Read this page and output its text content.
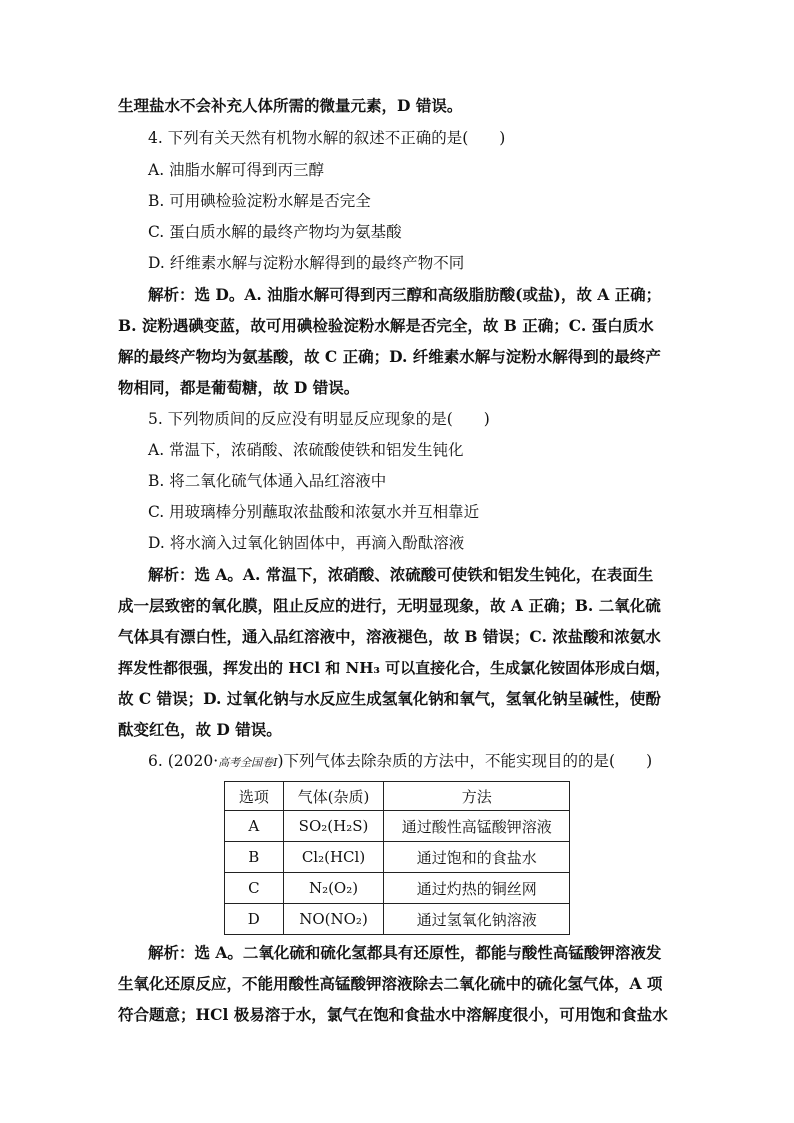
生理盐水不会补充人体所需的微量元素，D 错误。
4. 下列有关天然有机物水解的叙述不正确的是(　　)
A. 油脂水解可得到丙三醇
B. 可用碘检验淀粉水解是否完全
C. 蛋白质水解的最终产物均为氨基酸
D. 纤维素水解与淀粉水解得到的最终产物不同
解析：选 D。A. 油脂水解可得到丙三醇和高级脂肪酸(或盐)，故 A 正确；
B. 淀粉遇碘变蓝，故可用碘检验淀粉水解是否完全，故 B 正确；C. 蛋白质水
解的最终产物均为氨基酸，故 C 正确；D. 纤维素水解与淀粉水解得到的最终产
物相同，都是葡萄糖，故 D 错误。
5. 下列物质间的反应没有明显反应现象的是(　　)
A. 常温下，浓硝酸、浓硫酸使铁和铝发生钝化
B. 将二氧化硫气体通入品红溶液中
C. 用玻璃棒分别蘸取浓盐酸和浓氨水并互相靠近
D. 将水滴入过氧化钠固体中，再滴入酚酞溶液
解析：选 A。A. 常温下，浓硝酸、浓硫酸可使铁和铝发生钝化，在表面生
成一层致密的氧化膜，阻止反应的进行，无明显现象，故 A 正确；B. 二氧化硫
气体具有漂白性，通入品红溶液中，溶液褪色，故 B 错误；C. 浓盐酸和浓氨水
挥发性都很强，挥发出的 HCl 和 NH₃ 可以直接化合，生成氯化铵固体形成白烟，
故 C 错误；D. 过氧化钠与水反应生成氢氧化钠和氧气，氢氧化钠呈碱性，使酚
酞变红色，故 D 错误。
6. (2020·高考全国卷Ⅰ)下列气体去除杂质的方法中，不能实现目的的是(　　)
选项	气体(杂质)	方法
A	SO₂(H₂S)	通过酸性高锰酸钾溶液
B	Cl₂(HCl)	通过饱和的食盐水
C	N₂(O₂)	通过灼热的铜丝网
D	NO(NO₂)	通过氢氧化钠溶液
解析：选 A。二氧化硫和硫化氢都具有还原性，都能与酸性高锰酸钾溶液发
生氧化还原反应，不能用酸性高锰酸钾溶液除去二氧化硫中的硫化氢气体，A 项
符合题意；HCl 极易溶于水，氯气在饱和食盐水中溶解度很小，可用饱和食盐水
